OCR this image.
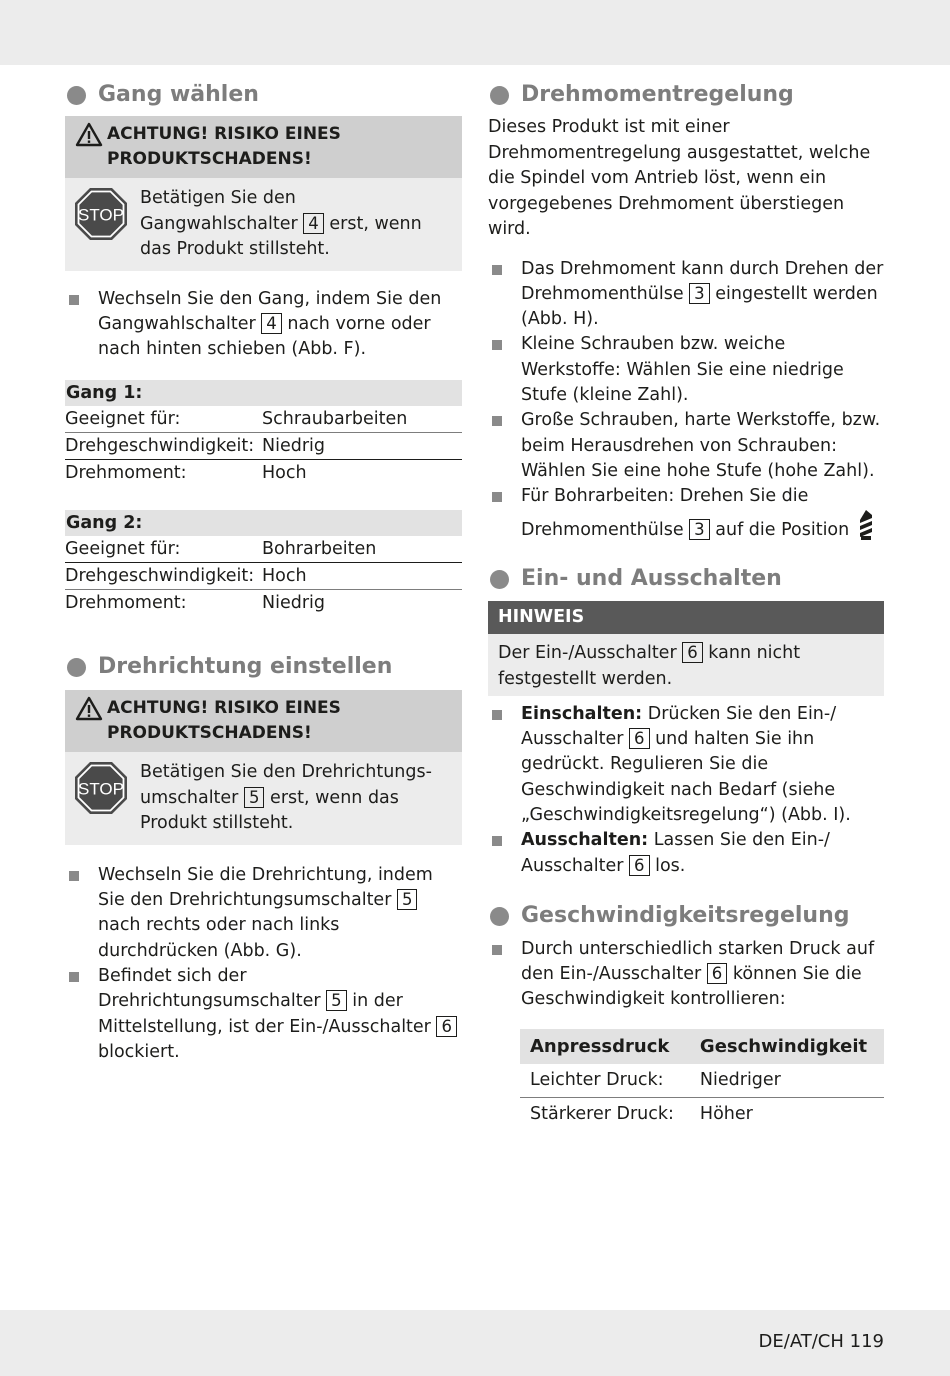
Gang wählen
ACHTUNG! RISIKO EINES PRODUKTSCHADENS!
STOP
Betätigen Sie den Gangwahlschalter 4 erst, wenn das Produkt stillsteht.
Wechseln Sie den Gang, indem Sie den Gangwahlschalter 4 nach vorne oder nach hinten schieben (Abb. F).
Gang 1:
Geeignet für:	Schraubarbeiten
Drehgeschwindigkeit:	Niedrig
Drehmoment:	Hoch
Gang 2:
Geeignet für:	Bohrarbeiten
Drehgeschwindigkeit:	Hoch
Drehmoment:	Niedrig
Drehrichtung einstellen
ACHTUNG! RISIKO EINES PRODUKTSCHADENS!
STOP
Betätigen Sie den Drehrichtungs-umschalter 5 erst, wenn das Produkt stillsteht.
Wechseln Sie die Drehrichtung, indem Sie den Drehrichtungsumschalter 5 nach rechts oder nach links durchdrücken (Abb. G).
Befindet sich der Drehrichtungsumschalter 5 in der Mittelstellung, ist der Ein-/Ausschalter 6 blockiert.
Drehmomentregelung

Dieses Produkt ist mit einer Drehmomentregelung ausgestattet, welche die Spindel vom Antrieb löst, wenn ein vorgegebenes Drehmoment überstiegen wird.

Das Drehmoment kann durch Drehen der Drehmomenthülse 3 eingestellt werden (Abb. H).
Kleine Schrauben bzw. weiche Werkstoffe: Wählen Sie eine niedrige Stufe (kleine Zahl).
Große Schrauben, harte Werkstoffe, bzw. beim Herausdrehen von Schrauben: Wählen Sie eine hohe Stufe (hohe Zahl).
Für Bohrarbeiten: Drehen Sie die Drehmomenthülse 3 auf die Position
Ein- und Ausschalten
HINWEIS
Der Ein-/Ausschalter 6 kann nicht festgestellt werden.
Einschalten: Drücken Sie den Ein-/ Ausschalter 6 und halten Sie ihn gedrückt. Regulieren Sie die Geschwindigkeit nach Bedarf (siehe „Geschwindigkeitsregelung“) (Abb. I).
Ausschalten: Lassen Sie den Ein-/ Ausschalter 6 los.
Geschwindigkeitsregelung
Durch unterschiedlich starken Druck auf den Ein-/Ausschalter 6 können Sie die Geschwindigkeit kontrollieren:
Anpressdruck	Geschwindigkeit
Leichter Druck:	Niedriger
Stärkerer Druck:	Höher
DE/AT/CH 119
